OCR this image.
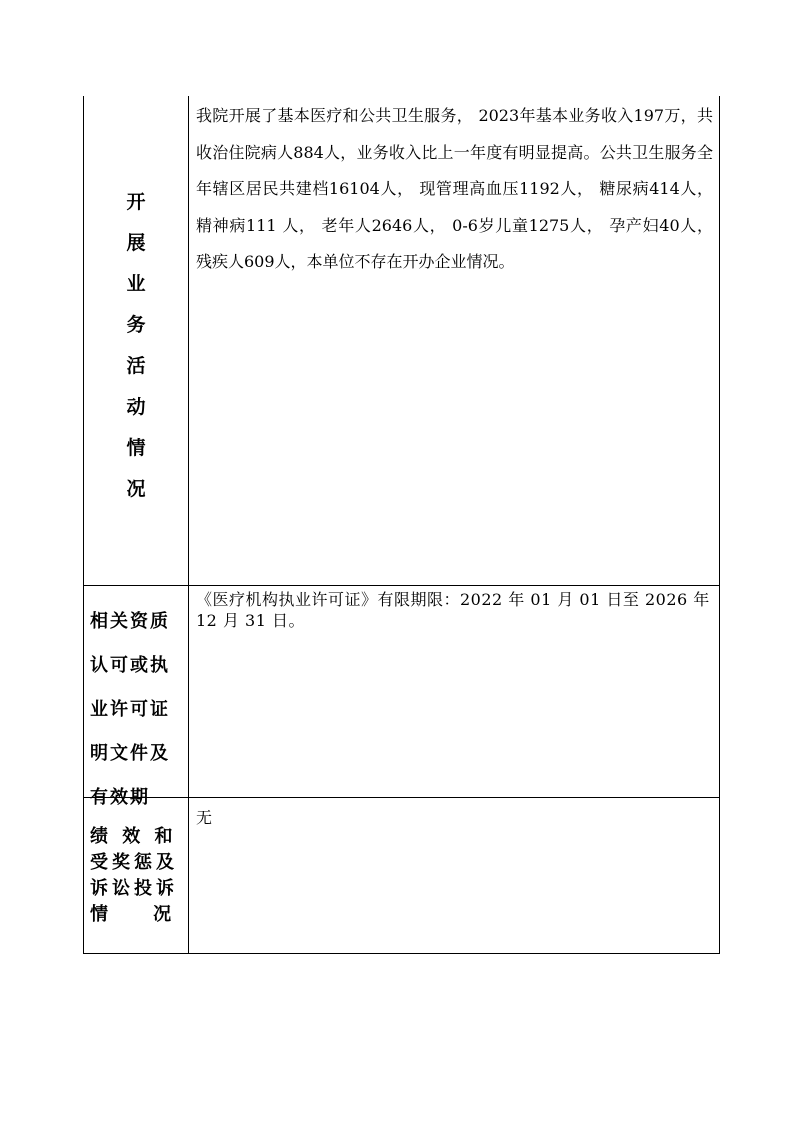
开
展
业
务
活
动
情
况
我院开展了基本医疗和公共卫生服务， 2023年基本业务收入197万，共收治住院病人884人，业务收入比上一年度有明显提高。公共卫生服务全年辖区居民共建档16104人， 现管理高血压1192人， 糖尿病414人， 精神病111 人， 老年人2646人， 0-6岁儿童1275人， 孕产妇40人， 残疾人609人，本单位不存在开办企业情况。
相关资质
认可或执
业许可证
明文件及
有效期
《医疗机构执业许可证》有限期限：2022 年 01 月 01 日至 2026 年 12 月 31 日。
绩 效 和
受奖惩及
诉讼投诉
情    况
无
